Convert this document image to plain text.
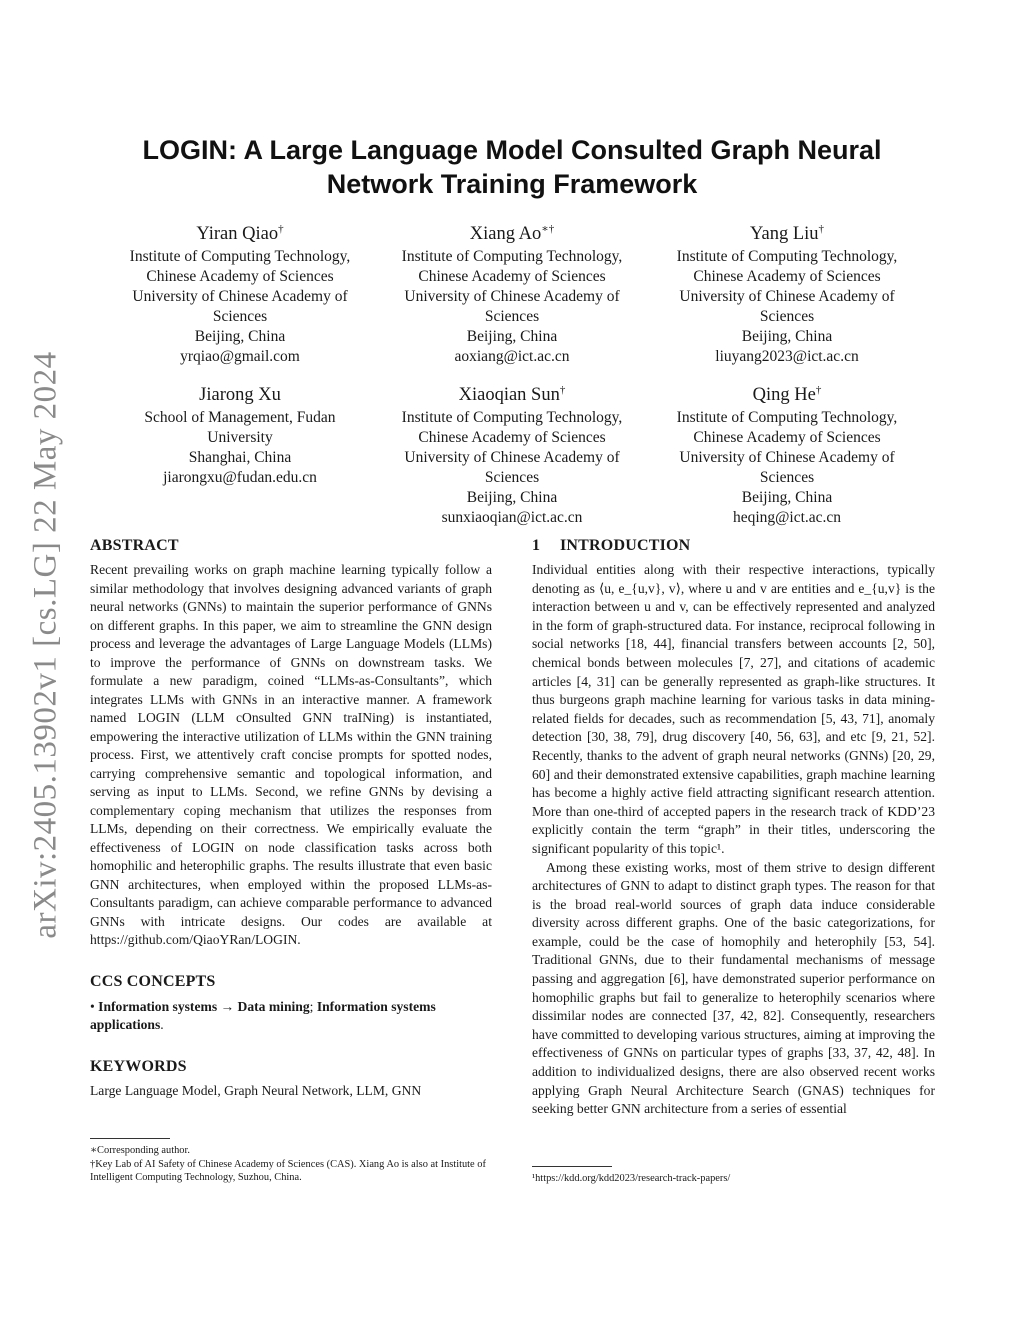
arXiv:2405.13902v1 [cs.LG] 22 May 2024
LOGIN: A Large Language Model Consulted Graph Neural
Network Training Framework
Yiran Qiao†
Institute of Computing Technology,
Chinese Academy of Sciences
University of Chinese Academy of
Sciences
Beijing, China
yrqiao@gmail.com
Xiang Ao∗†
Institute of Computing Technology,
Chinese Academy of Sciences
University of Chinese Academy of
Sciences
Beijing, China
aoxiang@ict.ac.cn
Yang Liu†
Institute of Computing Technology,
Chinese Academy of Sciences
University of Chinese Academy of
Sciences
Beijing, China
liuyang2023@ict.ac.cn
Jiarong Xu
School of Management, Fudan
University
Shanghai, China
jiarongxu@fudan.edu.cn
Xiaoqian Sun†
Institute of Computing Technology,
Chinese Academy of Sciences
University of Chinese Academy of
Sciences
Beijing, China
sunxiaoqian@ict.ac.cn
Qing He†
Institute of Computing Technology,
Chinese Academy of Sciences
University of Chinese Academy of
Sciences
Beijing, China
heqing@ict.ac.cn
ABSTRACT

Recent prevailing works on graph machine learning typically follow a similar methodology that involves designing advanced variants of graph neural networks (GNNs) to maintain the superior performance of GNNs on different graphs. In this paper, we aim to streamline the GNN design process and leverage the advantages of Large Language Models (LLMs) to improve the performance of GNNs on downstream tasks. We formulate a new paradigm, coined “LLMs-as-Consultants”, which integrates LLMs with GNNs in an interactive manner. A framework named LOGIN (LLM cOnsulted GNN traINing) is instantiated, empowering the interactive utilization of LLMs within the GNN training process. First, we attentively craft concise prompts for spotted nodes, carrying comprehensive semantic and topological information, and serving as input to LLMs. Second, we refine GNNs by devising a complementary coping mechanism that utilizes the responses from LLMs, depending on their correctness. We empirically evaluate the effectiveness of LOGIN on node classification tasks across both homophilic and heterophilic graphs. The results illustrate that even basic GNN architectures, when employed within the proposed LLMs-as-Consultants paradigm, can achieve comparable performance to advanced GNNs with intricate designs. Our codes are available at https://github.com/QiaoYRan/LOGIN.

CCS CONCEPTS
• Information systems → Data mining; Information systems applications.
KEYWORDS

Large Language Model, Graph Neural Network, LLM, GNN

∗Corresponding author.
†Key Lab of AI Safety of Chinese Academy of Sciences (CAS). Xiang Ao is also at Institute of Intelligent Computing Technology, Suzhou, China.
1 INTRODUCTION

Individual entities along with their respective interactions, typically denoting as ⟨u, e_{u,v}, v⟩, where u and v are entities and e_{u,v} is the interaction between u and v, can be effectively represented and analyzed in the form of graph-structured data. For instance, reciprocal following in social networks [18, 44], financial transfers between accounts [2, 50], chemical bonds between molecules [7, 27], and citations of academic articles [4, 31] can be generally represented as graph-like structures. It thus burgeons graph machine learning for various tasks in data mining-related fields for decades, such as recommendation [5, 43, 71], anomaly detection [30, 38, 79], drug discovery [40, 56, 63], and etc [9, 21, 52]. Recently, thanks to the advent of graph neural networks (GNNs) [20, 29, 60] and their demonstrated extensive capabilities, graph machine learning has become a highly active field attracting significant research attention. More than one-third of accepted papers in the research track of KDD’23 explicitly contain the term “graph” in their titles, underscoring the significant popularity of this topic¹.

Among these existing works, most of them strive to design different architectures of GNN to adapt to distinct graph types. The reason for that is the broad real-world sources of graph data induce considerable diversity across different graphs. One of the basic categorizations, for example, could be the case of homophily and heterophily [53, 54]. Traditional GNNs, due to their fundamental mechanisms of message passing and aggregation [6], have demonstrated superior performance on homophilic graphs but fail to generalize to heterophily scenarios where dissimilar nodes are connected [37, 42, 82]. Consequently, researchers have committed to developing various structures, aiming at improving the effectiveness of GNNs on particular types of graphs [33, 37, 42, 48]. In addition to individualized designs, there are also observed recent works applying Graph Neural Architecture Search (GNAS) techniques for seeking better GNN architecture from a series of essential

¹https://kdd.org/kdd2023/research-track-papers/
